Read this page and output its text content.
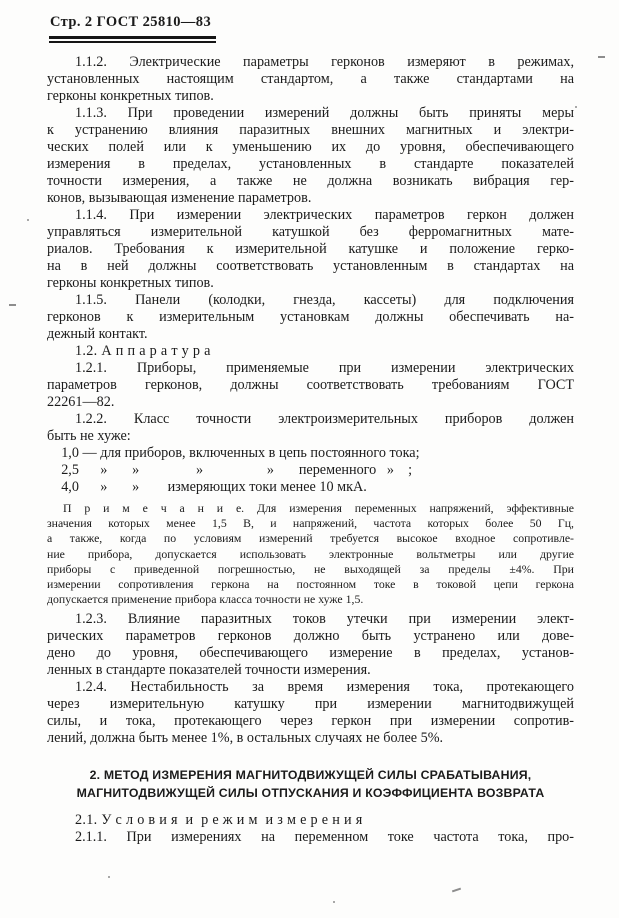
Стр. 2 ГОСТ 25810—83
1.1.2. Электрические параметры герконов измеряют в режимах,
установленных настоящим стандартом, а также стандартами на
герконы конкретных типов.
1.1.3. При проведении измерений должны быть приняты меры
к устранению влияния паразитных внешних магнитных и электри-
ческих полей или к уменьшению их до уровня, обеспечивающего
измерения в пределах, установленных в стандарте показателей
точности измерения, а также не должна возникать вибрация гер-
конов, вызывающая изменение параметров.
1.1.4. При измерении электрических параметров геркон должен
управляться измерительной катушкой без ферромагнитных мате-
риалов. Требования к измерительной катушке и положение герко-
на в ней должны соответствовать установленным в стандартах на
герконы конкретных типов.
1.1.5. Панели (колодки, гнезда, кассеты) для подключения
герконов к измерительным установкам должны обеспечивать на-
дежный контакт.
1.2. А п п а р а т у р а
1.2.1. Приборы, применяемые при измерении электрических
параметров герконов, должны соответствовать требованиям ГОСТ
22261—82.
1.2.2. Класс точности электроизмерительных приборов должен
быть не хуже:
1,0 — для приборов, включенных в цепь постоянного тока;
2,5      »       »                »                  »       переменного   »    ;
4,0      »       »        измеряющих токи менее 10 мкА.
П р и м е ч а н и е. Для измерения переменных напряжений, эффективные
значения которых менее 1,5 В, и напряжений, частота которых более 50 Гц,
а также, когда по условиям измерений требуется высокое входное сопротивле-
ние прибора, допускается использовать электронные вольтметры или другие
приборы с приведенной погрешностью, не выходящей за пределы ±4%. При
измерении сопротивления геркона на постоянном токе в токовой цепи геркона
допускается применение прибора класса точности не хуже 1,5.
1.2.3. Влияние паразитных токов утечки при измерении элект-
рических параметров герконов должно быть устранено или дове-
дено до уровня, обеспечивающего измерение в пределах, установ-
ленных в стандарте показателей точности измерения.
1.2.4. Нестабильность за время измерения тока, протекающего
через измерительную катушку при измерении магнитодвижущей
силы, и тока, протекающего через геркон при измерении сопротив-
лений, должна быть менее 1%, в остальных случаях не более 5%.
2. МЕТОД ИЗМЕРЕНИЯ МАГНИТОДВИЖУЩЕЙ СИЛЫ СРАБАТЫВАНИЯ,
МАГНИТОДВИЖУЩЕЙ СИЛЫ ОТПУСКАНИЯ И КОЭФФИЦИЕНТА ВОЗВРАТА
2.1. У с л о в и я  и  р е ж и м  и з м е р е н и я
2.1.1. При измерениях на переменном токе частота тока, про-
